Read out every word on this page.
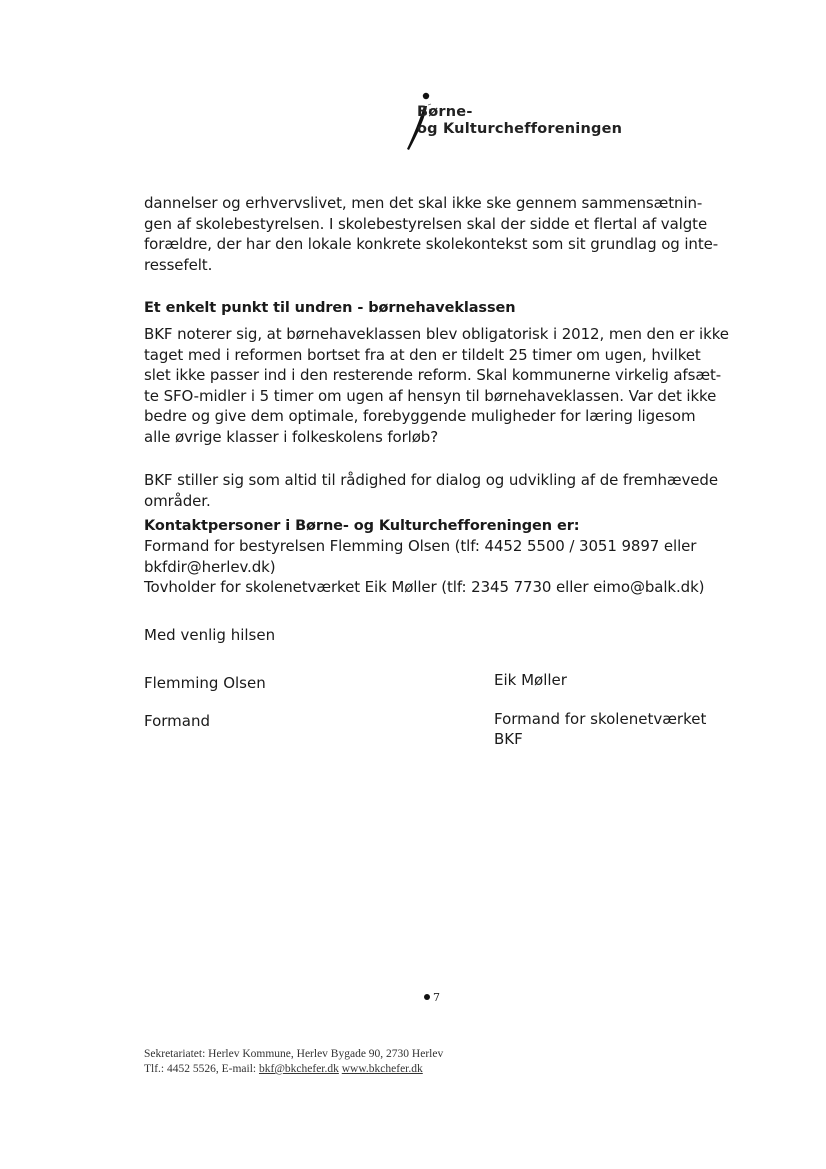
Børne-
og Kulturchefforeningen
dannelser og erhvervslivet, men det skal ikke ske gennem sammensætnin-
gen af skolebestyrelsen. I skolebestyrelsen skal der sidde et flertal af valgte
forældre, der har den lokale konkrete skolekontekst som sit grundlag og inte-
ressefelt.
Et enkelt punkt til undren - børnehaveklassen
BKF noterer sig, at børnehaveklassen blev obligatorisk i 2012, men den er ikke
taget med i reformen bortset fra at den er tildelt 25 timer om ugen, hvilket
slet ikke passer ind i den resterende reform. Skal kommunerne virkelig afsæt-
te SFO-midler i 5 timer om ugen af hensyn til børnehaveklassen. Var det ikke
bedre og give dem optimale, forebyggende muligheder for læring ligesom
alle øvrige klasser i folkeskolens forløb?
BKF stiller sig som altid til rådighed for dialog og udvikling af de fremhævede
områder.
Kontaktpersoner i Børne- og Kulturchefforeningen er:
Formand for bestyrelsen Flemming Olsen (tlf: 4452 5500 / 3051 9897 eller
bkfdir@herlev.dk)
Tovholder for skolenetværket Eik Møller (tlf: 2345 7730 eller eimo@balk.dk)
Med venlig hilsen
Flemming Olsen
Formand
Eik Møller
Formand for skolenetværket
BKF
7
Sekretariatet: Herlev Kommune, Herlev Bygade 90, 2730 Herlev
Tlf.: 4452 5526, E-mail: bkf@bkchefer.dk www.bkchefer.dk
